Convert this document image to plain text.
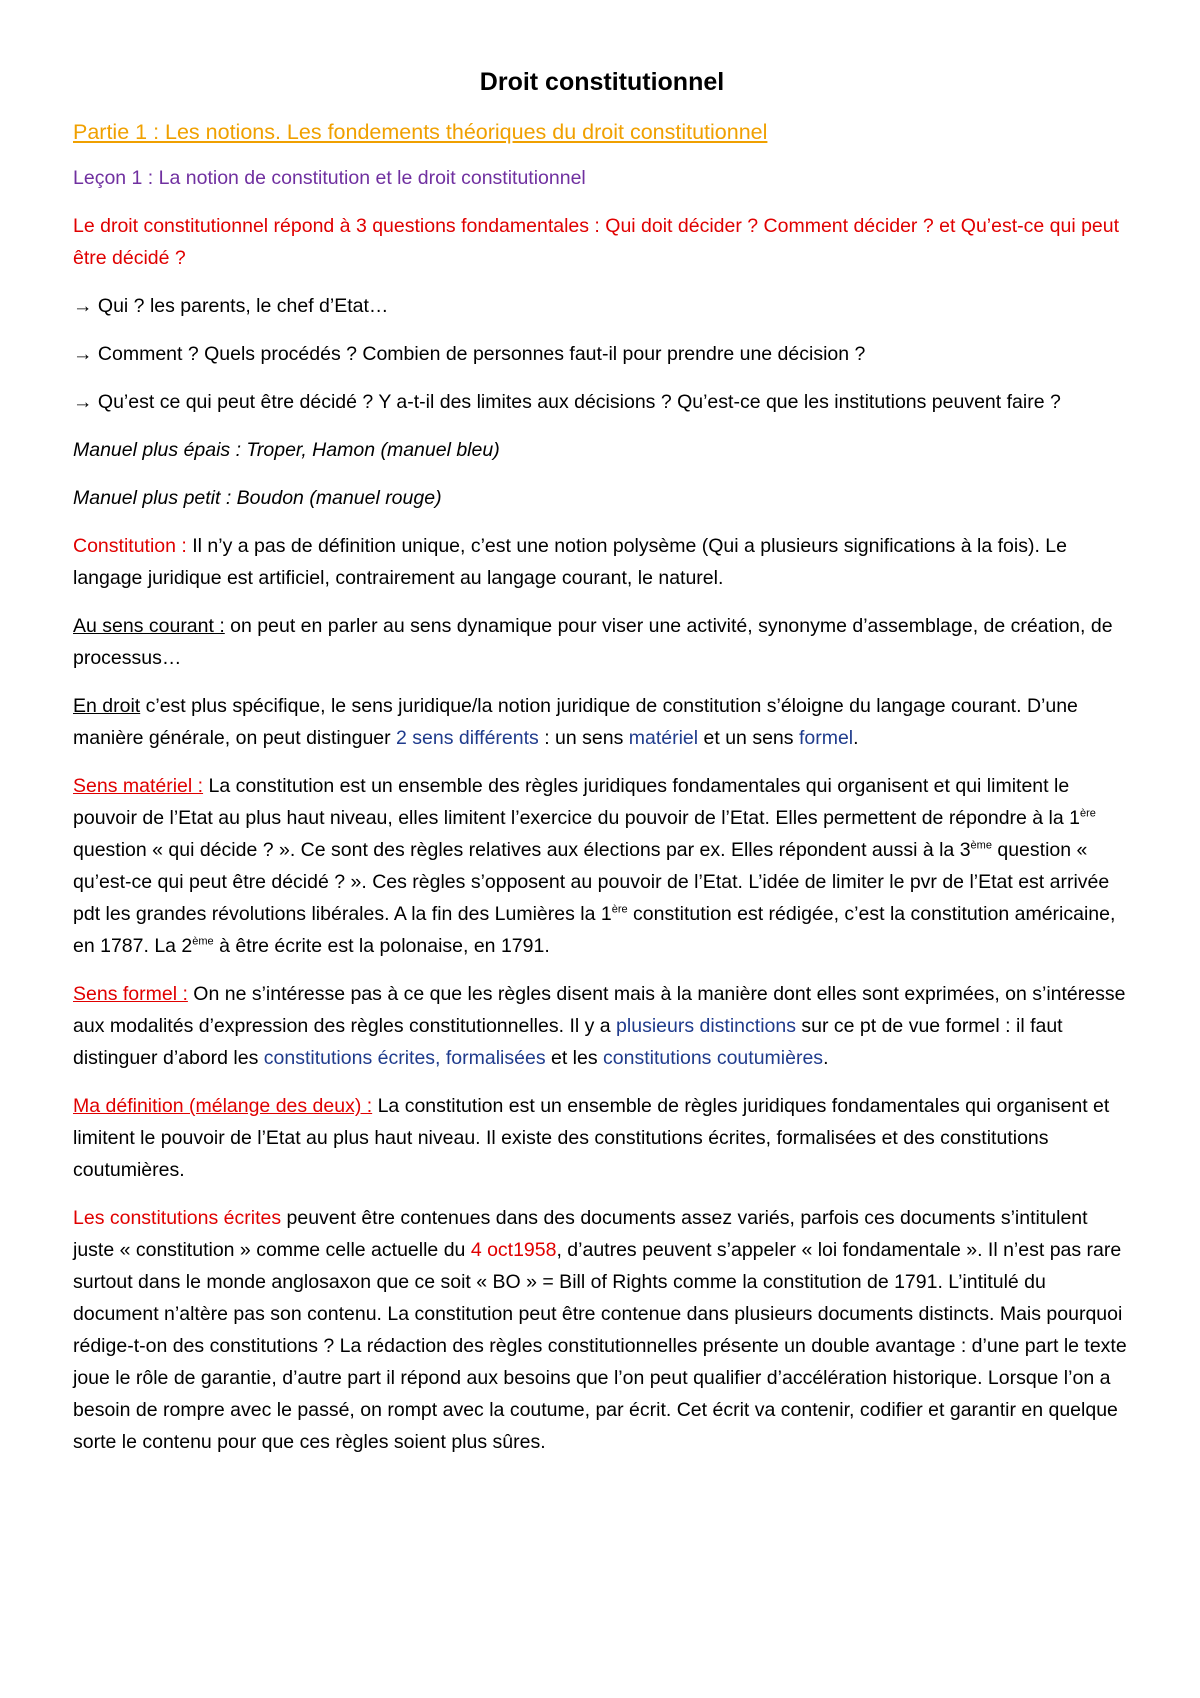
Droit constitutionnel

Partie 1 : Les notions. Les fondements théoriques du droit constitutionnel

Leçon 1 : La notion de constitution et le droit constitutionnel

Le droit constitutionnel répond à 3 questions fondamentales : Qui doit décider ? Comment décider ? et Qu’est-ce qui peut être décidé ?

→ Qui ? les parents, le chef d’Etat…

→ Comment ? Quels procédés ? Combien de personnes faut-il pour prendre une décision ?

→ Qu’est ce qui peut être décidé ? Y a-t-il des limites aux décisions ? Qu’est-ce que les institutions peuvent faire ?

Manuel plus épais : Troper, Hamon (manuel bleu)

Manuel plus petit : Boudon (manuel rouge)

Constitution : Il n’y a pas de définition unique, c’est une notion polysème (Qui a plusieurs significations à la fois). Le langage juridique est artificiel, contrairement au langage courant, le naturel.

Au sens courant : on peut en parler au sens dynamique pour viser une activité, synonyme d’assemblage, de création, de processus…

En droit c’est plus spécifique, le sens juridique/la notion juridique de constitution s’éloigne du langage courant. D’une manière générale, on peut distinguer 2 sens différents : un sens matériel et un sens formel.

Sens matériel : La constitution est un ensemble des règles juridiques fondamentales qui organisent et qui limitent le pouvoir de l’Etat au plus haut niveau, elles limitent l’exercice du pouvoir de l’Etat. Elles permettent de répondre à la 1ère question « qui décide ? ». Ce sont des règles relatives aux élections par ex. Elles répondent aussi à la 3ème question « qu’est-ce qui peut être décidé ? ». Ces règles s’opposent au pouvoir de l’Etat. L’idée de limiter le pvr de l’Etat est arrivée pdt les grandes révolutions libérales. A la fin des Lumières la 1ère constitution est rédigée, c’est la constitution américaine, en 1787. La 2ème à être écrite est la polonaise, en 1791.

Sens formel : On ne s’intéresse pas à ce que les règles disent mais à la manière dont elles sont exprimées, on s’intéresse aux modalités d’expression des règles constitutionnelles. Il y a plusieurs distinctions sur ce pt de vue formel : il faut distinguer d’abord les constitutions écrites, formalisées et les constitutions coutumières.

Ma définition (mélange des deux) : La constitution est un ensemble de règles juridiques fondamentales qui organisent et limitent le pouvoir de l’Etat au plus haut niveau. Il existe des constitutions écrites, formalisées et des constitutions coutumières.

Les constitutions écrites peuvent être contenues dans des documents assez variés, parfois ces documents s’intitulent juste « constitution » comme celle actuelle du 4 oct1958, d’autres peuvent s’appeler « loi fondamentale ». Il n’est pas rare surtout dans le monde anglosaxon que ce soit « BO » = Bill of Rights comme la constitution de 1791. L’intitulé du document n’altère pas son contenu. La constitution peut être contenue dans plusieurs documents distincts. Mais pourquoi rédige-t-on des constitutions ? La rédaction des règles constitutionnelles présente un double avantage : d’une part le texte joue le rôle de garantie, d’autre part il répond aux besoins que l’on peut qualifier d’accélération historique. Lorsque l’on a besoin de rompre avec le passé, on rompt avec la coutume, par écrit. Cet écrit va contenir, codifier et garantir en quelque sorte le contenu pour que ces règles soient plus sûres.
